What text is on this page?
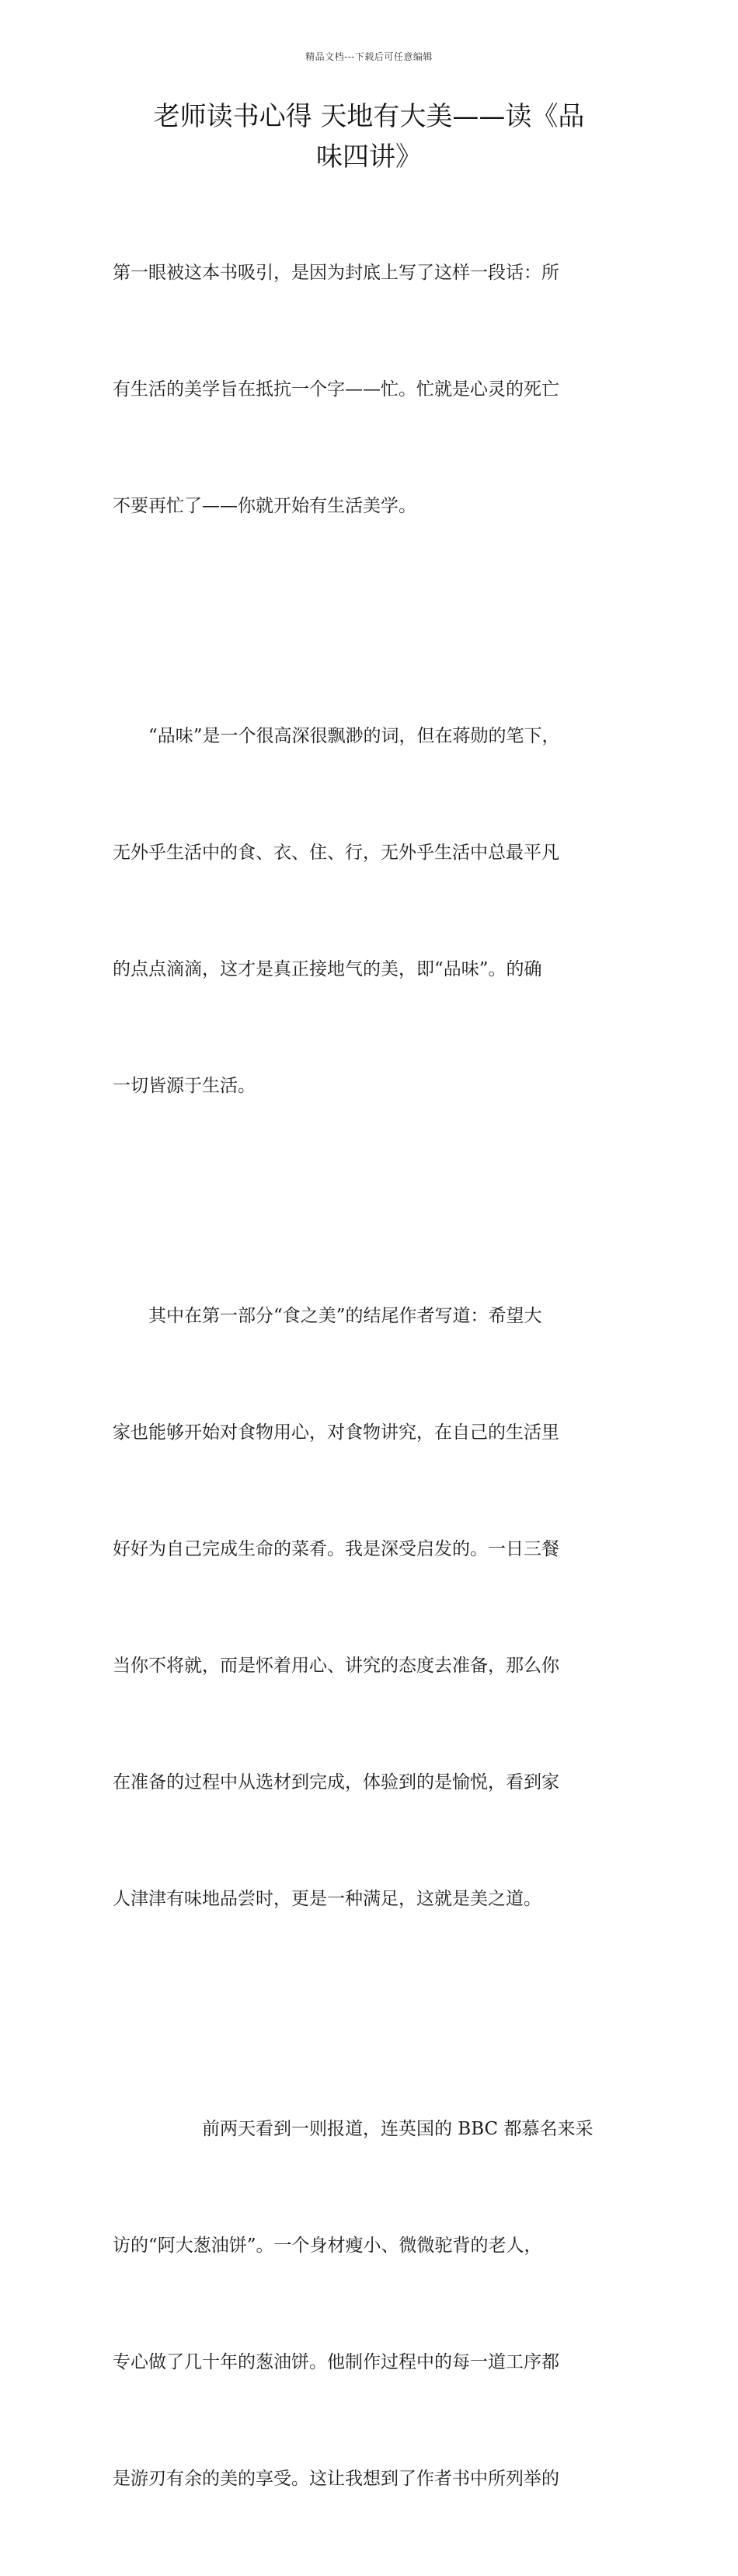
精品文档---下载后可任意编辑
老师读书心得 天地有大美——读《品
味四讲》

第一眼被这本书吸引，是因为封底上写了这样一段话：所

有生活的美学旨在抵抗一个字——忙。忙就是心灵的死亡

不要再忙了——你就开始有生活美学。

　　“品味”是一个很高深很飘渺的词，但在蒋勋的笔下，

无外乎生活中的食、衣、住、行，无外乎生活中总最平凡

的点点滴滴，这才是真正接地气的美，即“品味”。的确

一切皆源于生活。

　　其中在第一部分“食之美”的结尾作者写道：希望大

家也能够开始对食物用心，对食物讲究，在自己的生活里

好好为自己完成生命的菜肴。我是深受启发的。一日三餐

当你不将就，而是怀着用心、讲究的态度去准备，那么你

在准备的过程中从选材到完成，体验到的是愉悦，看到家

人津津有味地品尝时，更是一种满足，这就是美之道。

　　　　　前两天看到一则报道，连英国的 BBC 都慕名来采

访的“阿大葱油饼”。一个身材瘦小、微微驼背的老人，

专心做了几十年的葱油饼。他制作过程中的每一道工序都

是游刃有余的美的享受。这让我想到了作者书中所列举的
